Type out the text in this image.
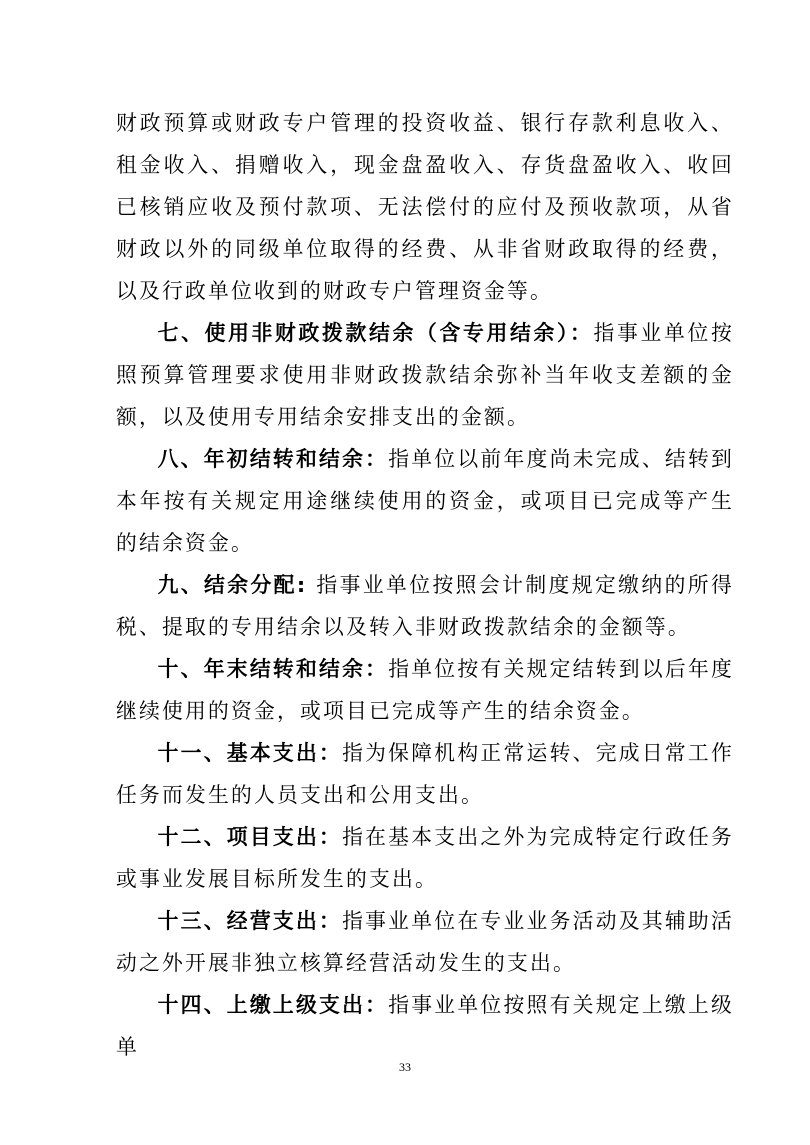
财政预算或财政专户管理的投资收益、银行存款利息收入、租金收入、捐赠收入，现金盘盈收入、存货盘盈收入、收回已核销应收及预付款项、无法偿付的应付及预收款项，从省财政以外的同级单位取得的经费、从非省财政取得的经费，以及行政单位收到的财政专户管理资金等。

七、使用非财政拨款结余（含专用结余）：指事业单位按照预算管理要求使用非财政拨款结余弥补当年收支差额的金额，以及使用专用结余安排支出的金额。

八、年初结转和结余：指单位以前年度尚未完成、结转到本年按有关规定用途继续使用的资金，或项目已完成等产生的结余资金。

九、结余分配: 指事业单位按照会计制度规定缴纳的所得税、提取的专用结余以及转入非财政拨款结余的金额等。

十、年末结转和结余：指单位按有关规定结转到以后年度继续使用的资金，或项目已完成等产生的结余资金。

十一、基本支出：指为保障机构正常运转、完成日常工作任务而发生的人员支出和公用支出。

十二、项目支出：指在基本支出之外为完成特定行政任务或事业发展目标所发生的支出。

十三、经营支出：指事业单位在专业业务活动及其辅助活动之外开展非独立核算经营活动发生的支出。

十四、上缴上级支出：指事业单位按照有关规定上缴上级单

33
